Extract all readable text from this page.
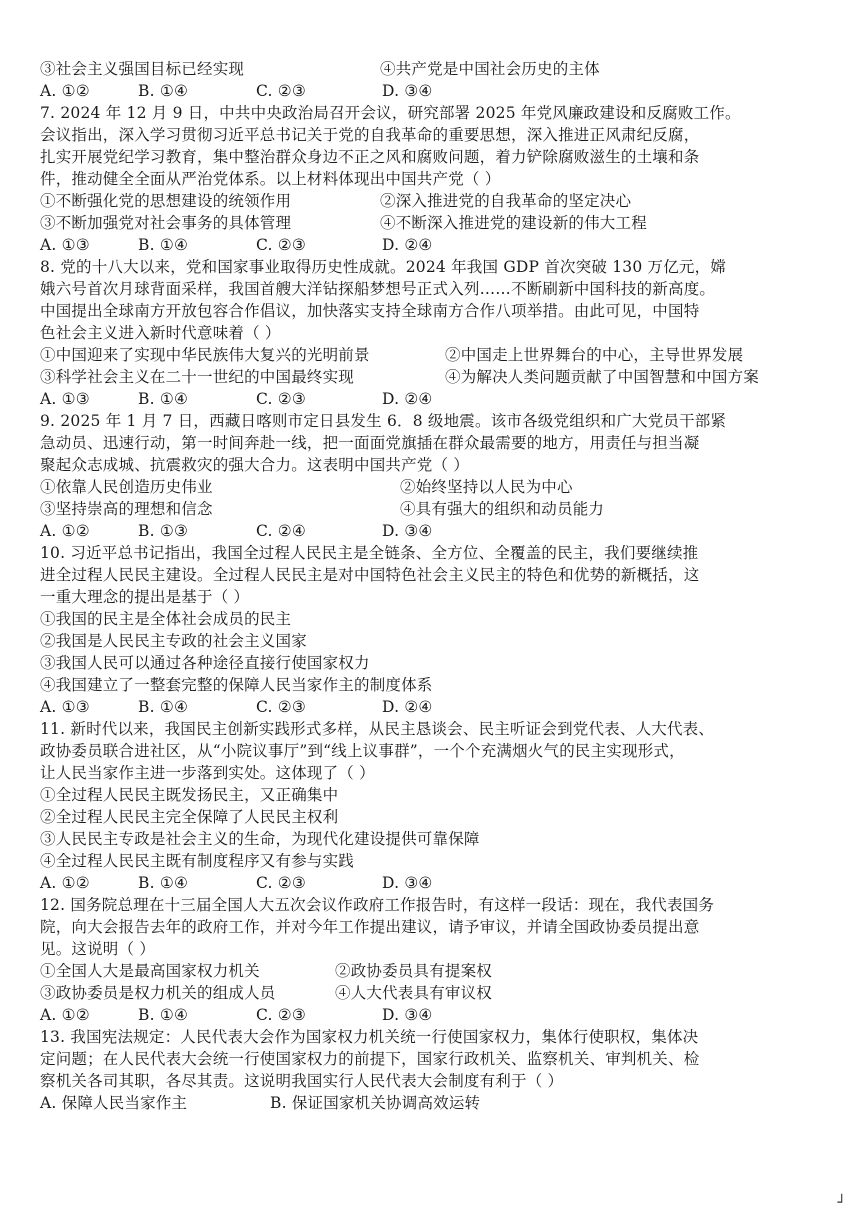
③社会主义强国目标已经实现	④共产党是中国社会历史的主体
A. ①②	B. ①④	C. ②③	D. ③④
7. 2024 年 12 月 9 日，中共中央政治局召开会议，研究部署 2025 年党风廉政建设和反腐败工作。
会议指出，深入学习贯彻习近平总书记关于党的自我革命的重要思想，深入推进正风肃纪反腐，
扎实开展党纪学习教育，集中整治群众身边不正之风和腐败问题，着力铲除腐败滋生的土壤和条
件，推动健全全面从严治党体系。以上材料体现出中国共产党（ ）
①不断强化党的思想建设的统领作用	②深入推进党的自我革命的坚定决心
③不断加强党对社会事务的具体管理	④不断深入推进党的建设新的伟大工程
A. ①③	B. ①④	C. ②③	D. ②④
8. 党的十八大以来，党和国家事业取得历史性成就。2024 年我国 GDP 首次突破 130 万亿元，嫦
娥六号首次月球背面采样，我国首艘大洋钻探船梦想号正式入列……不断刷新中国科技的新高度。
中国提出全球南方开放包容合作倡议，加快落实支持全球南方合作八项举措。由此可见，中国特
色社会主义进入新时代意味着（ ）
①中国迎来了实现中华民族伟大复兴的光明前景	②中国走上世界舞台的中心，主导世界发展
③科学社会主义在二十一世纪的中国最终实现	④为解决人类问题贡献了中国智慧和中国方案
A. ①③	B. ①④	C. ②③	D. ②④
9. 2025 年 1 月 7 日，西藏日喀则市定日县发生 6．8 级地震。该市各级党组织和广大党员干部紧
急动员、迅速行动，第一时间奔赴一线，把一面面党旗插在群众最需要的地方，用责任与担当凝
聚起众志成城、抗震救灾的强大合力。这表明中国共产党（ ）
①依靠人民创造历史伟业	②始终坚持以人民为中心
③坚持崇高的理想和信念	④具有强大的组织和动员能力
A. ①②	B. ①③	C. ②④	D. ③④
10. 习近平总书记指出，我国全过程人民民主是全链条、全方位、全覆盖的民主，我们要继续推
进全过程人民民主建设。全过程人民民主是对中国特色社会主义民主的特色和优势的新概括，这
一重大理念的提出是基于（ ）
①我国的民主是全体社会成员的民主
②我国是人民民主专政的社会主义国家
③我国人民可以通过各种途径直接行使国家权力
④我国建立了一整套完整的保障人民当家作主的制度体系
A. ①③	B. ①④	C. ②③	D. ②④
11. 新时代以来，我国民主创新实践形式多样，从民主恳谈会、民主听证会到党代表、人大代表、
政协委员联合进社区，从“小院议事厅”到“线上议事群”，一个个充满烟火气的民主实现形式，
让人民当家作主进一步落到实处。这体现了（ ）
①全过程人民民主既发扬民主，又正确集中
②全过程人民民主完全保障了人民民主权利
③人民民主专政是社会主义的生命，为现代化建设提供可靠保障
④全过程人民民主既有制度程序又有参与实践
A. ①②	B. ①④	C. ②③	D. ③④
12. 国务院总理在十三届全国人大五次会议作政府工作报告时，有这样一段话：现在，我代表国务
院，向大会报告去年的政府工作，并对今年工作提出建议，请予审议，并请全国政协委员提出意
见。这说明（ ）
①全国人大是最高国家权力机关	②政协委员具有提案权
③政协委员是权力机关的组成人员	④人大代表具有审议权
A. ①②	B. ①④	C. ②③	D. ③④
13. 我国宪法规定：人民代表大会作为国家权力机关统一行使国家权力，集体行使职权，集体决
定问题；在人民代表大会统一行使国家权力的前提下，国家行政机关、监察机关、审判机关、检
察机关各司其职，各尽其责。这说明我国实行人民代表大会制度有利于（ ）
A. 保障人民当家作主	B. 保证国家机关协调高效运转
┘
